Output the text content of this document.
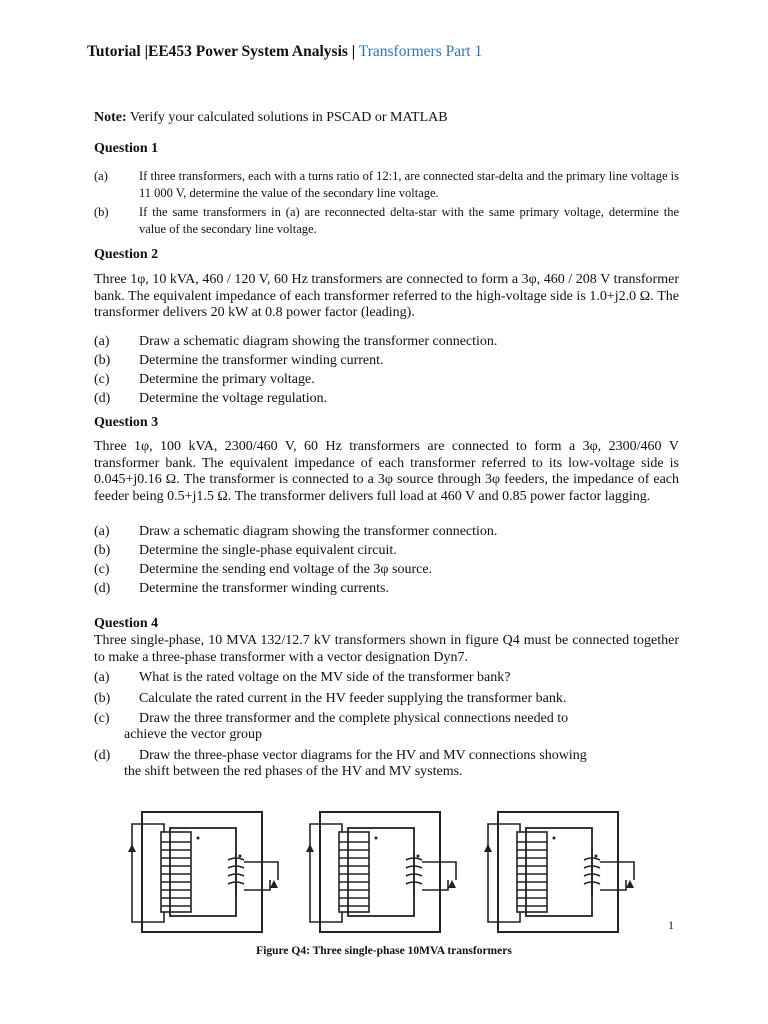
Tutorial |EE453 Power System Analysis | Transformers Part 1
Note: Verify your calculated solutions in PSCAD or MATLAB
Question 1
(a) If three transformers, each with a turns ratio of 12:1, are connected star-delta and the primary line voltage is 11 000 V, determine the value of the secondary line voltage.
(b) If the same transformers in (a) are reconnected delta-star with the same primary voltage, determine the value of the secondary line voltage.
Question 2
Three 1φ, 10 kVA, 460 / 120 V, 60 Hz transformers are connected to form a 3φ, 460 / 208 V transformer bank. The equivalent impedance of each transformer referred to the high-voltage side is 1.0+j2.0 Ω. The transformer delivers 20 kW at 0.8 power factor (leading).
(a) Draw a schematic diagram showing the transformer connection.
(b) Determine the transformer winding current.
(c) Determine the primary voltage.
(d) Determine the voltage regulation.
Question 3
Three 1φ, 100 kVA, 2300/460 V, 60 Hz transformers are connected to form a 3φ, 2300/460 V transformer bank. The equivalent impedance of each transformer referred to its low-voltage side is 0.045+j0.16 Ω. The transformer is connected to a 3φ source through 3φ feeders, the impedance of each feeder being 0.5+j1.5 Ω. The transformer delivers full load at 460 V and 0.85 power factor lagging.
(a) Draw a schematic diagram showing the transformer connection.
(b) Determine the single-phase equivalent circuit.
(c) Determine the sending end voltage of the 3φ source.
(d) Determine the transformer winding currents.
Question 4
Three single-phase, 10 MVA 132/12.7 kV transformers shown in figure Q4 must be connected together to make a three-phase transformer with a vector designation Dyn7.
(a) What is the rated voltage on the MV side of the transformer bank?
(b) Calculate the rated current in the HV feeder supplying the transformer bank.
(c) Draw the three transformer and the complete physical connections needed to
achieve the vector group
(d) Draw the three-phase vector diagrams for the HV and MV connections showing
the shift between the red phases of the HV and MV systems.
1
Figure Q4: Three single-phase 10MVA transformers
